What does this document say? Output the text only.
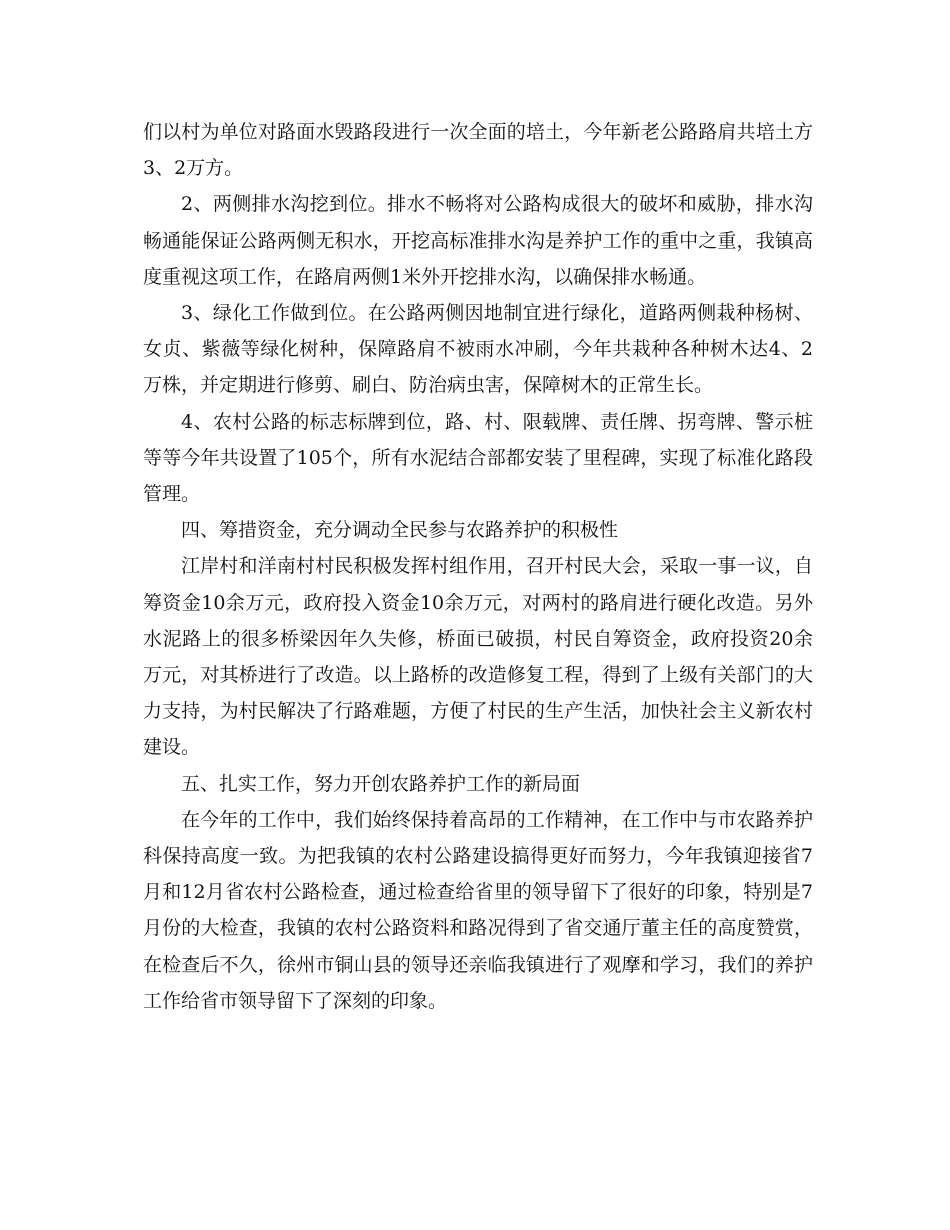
们以村为单位对路面水毁路段进行一次全面的培土，今年新老公路路肩共培土方3、2万方。

2、两侧排水沟挖到位。排水不畅将对公路构成很大的破坏和威胁，排水沟畅通能保证公路两侧无积水，开挖高标准排水沟是养护工作的重中之重，我镇高度重视这项工作，在路肩两侧1米外开挖排水沟，以确保排水畅通。

3、绿化工作做到位。在公路两侧因地制宜进行绿化，道路两侧栽种杨树、女贞、紫薇等绿化树种，保障路肩不被雨水冲刷，今年共栽种各种树木达4、2万株，并定期进行修剪、刷白、防治病虫害，保障树木的正常生长。

4、农村公路的标志标牌到位，路、村、限载牌、责任牌、拐弯牌、警示桩等等今年共设置了105个，所有水泥结合部都安装了里程碑，实现了标准化路段管理。

四、筹措资金，充分调动全民参与农路养护的积极性

江岸村和洋南村村民积极发挥村组作用，召开村民大会，采取一事一议，自筹资金10余万元，政府投入资金10余万元，对两村的路肩进行硬化改造。另外水泥路上的很多桥梁因年久失修，桥面已破损，村民自筹资金，政府投资20余万元，对其桥进行了改造。以上路桥的改造修复工程，得到了上级有关部门的大力支持，为村民解决了行路难题，方便了村民的生产生活，加快社会主义新农村建设。

五、扎实工作，努力开创农路养护工作的新局面

在今年的工作中，我们始终保持着高昂的工作精神，在工作中与市农路养护科保持高度一致。为把我镇的农村公路建设搞得更好而努力，今年我镇迎接省7月和12月省农村公路检查，通过检查给省里的领导留下了很好的印象，特别是7月份的大检查，我镇的农村公路资料和路况得到了省交通厅董主任的高度赞赏，在检查后不久，徐州市铜山县的领导还亲临我镇进行了观摩和学习，我们的养护工作给省市领导留下了深刻的印象。
